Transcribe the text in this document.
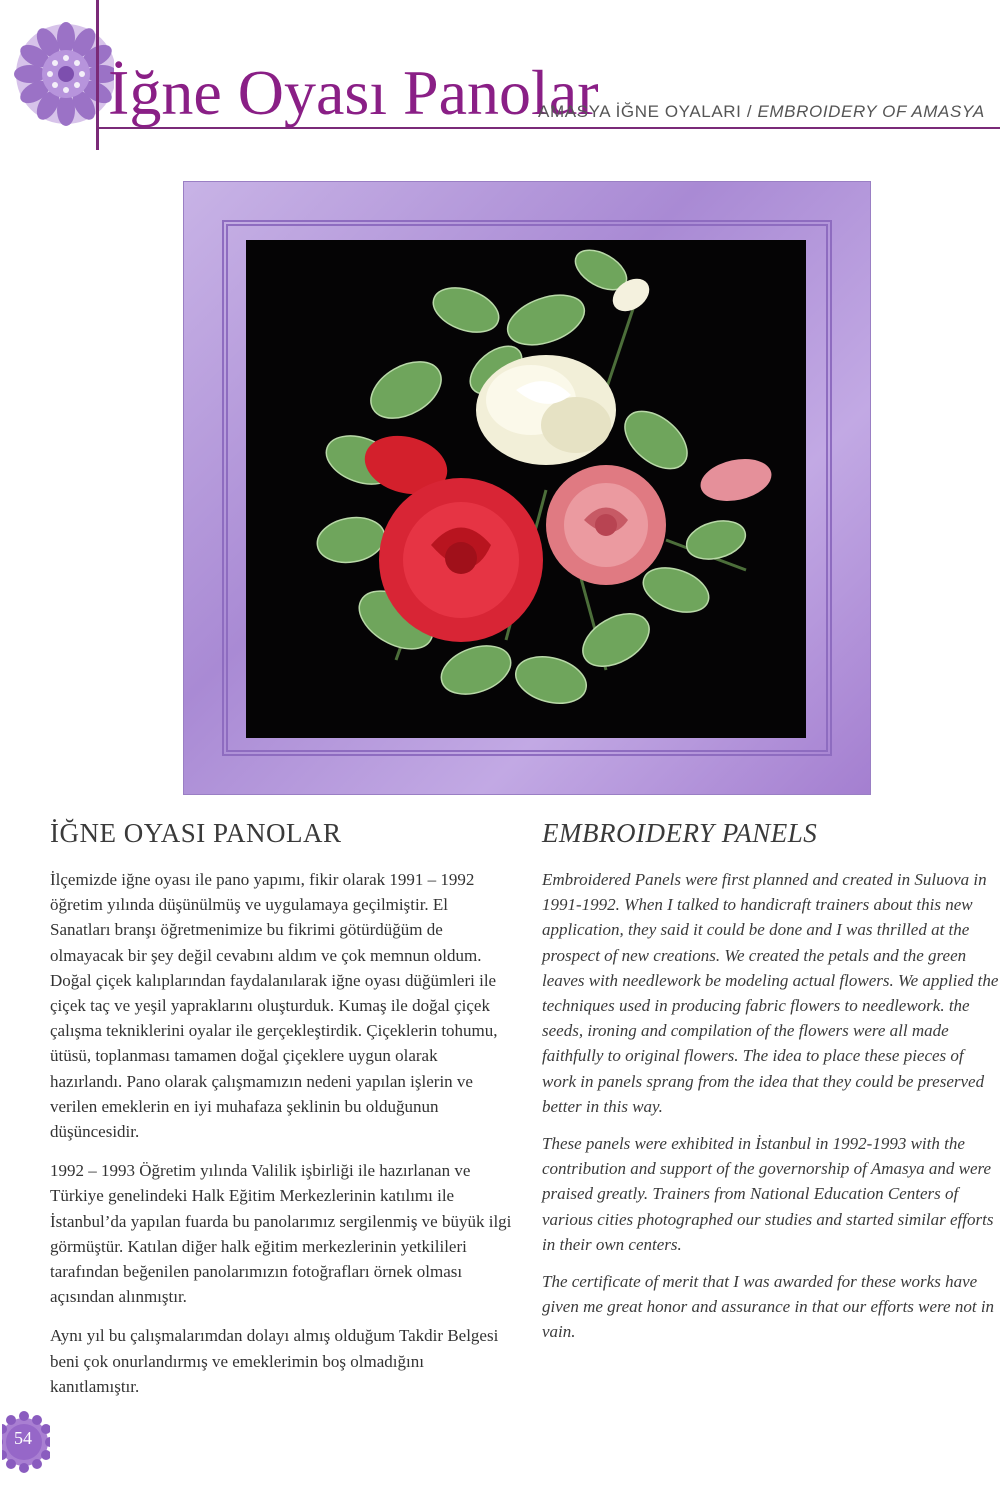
İğne Oyası Panolar
AMASYA İĞNE OYALARI / EMBROIDERY OF AMASYA
İĞNE OYASI PANOLAR

İlçemizde iğne oyası ile pano yapımı, fikir olarak 1991 – 1992 öğretim yılında düşünülmüş ve uygulamaya geçilmiştir. El Sanatları branşı öğretmenimize bu fikrimi götürdüğüm de olmayacak bir şey değil cevabını aldım ve çok memnun oldum. Doğal çiçek kalıplarından faydalanılarak iğne oyası düğümleri ile çiçek taç ve yeşil yapraklarını oluşturduk. Kumaş ile doğal çiçek çalışma tekniklerini oyalar ile gerçekleştirdik. Çiçeklerin tohumu, ütüsü, toplanması tamamen doğal çiçeklere uygun olarak hazırlandı. Pano olarak çalışmamızın nedeni yapılan işlerin ve verilen emeklerin en iyi muhafaza şeklinin bu olduğunun düşüncesidir.

1992 – 1993 Öğretim yılında Valilik işbirliği ile hazırlanan ve Türkiye genelindeki Halk Eğitim Merkezlerinin katılımı ile İstanbul’da yapılan fuarda bu panolarımız sergilenmiş ve büyük ilgi görmüştür. Katılan diğer halk eğitim merkezlerinin yetkilileri tarafından beğenilen panolarımızın fotoğrafları örnek olması açısından alınmıştır.

Aynı yıl bu çalışmalarımdan dolayı almış olduğum Takdir Belgesi beni çok onurlandırmış ve emeklerimin boş olmadığını kanıtlamıştır.

EMBROIDERY PANELS

Embroidered Panels were first planned and created in Suluova in 1991-1992. When I talked to handicraft trainers about this new application, they said it could be done and I was thrilled at the prospect of new creations. We created the petals and the green leaves with needlework be modeling actual flowers. We applied the techniques used in producing fabric flowers to needlework. the seeds, ironing and compilation of the flowers were all made faithfully to original flowers. The idea to place these pieces of work in panels sprang from the idea that they could be preserved better in this way.

These panels were exhibited in İstanbul in 1992-1993 with the contribution and support of the governorship of Amasya and were praised greatly. Trainers from National Education Centers of various cities photographed our studies and started similar efforts in their own centers.

The certificate of merit that I was awarded for these works have given me great honor and assurance in that our efforts were not in vain.

54
